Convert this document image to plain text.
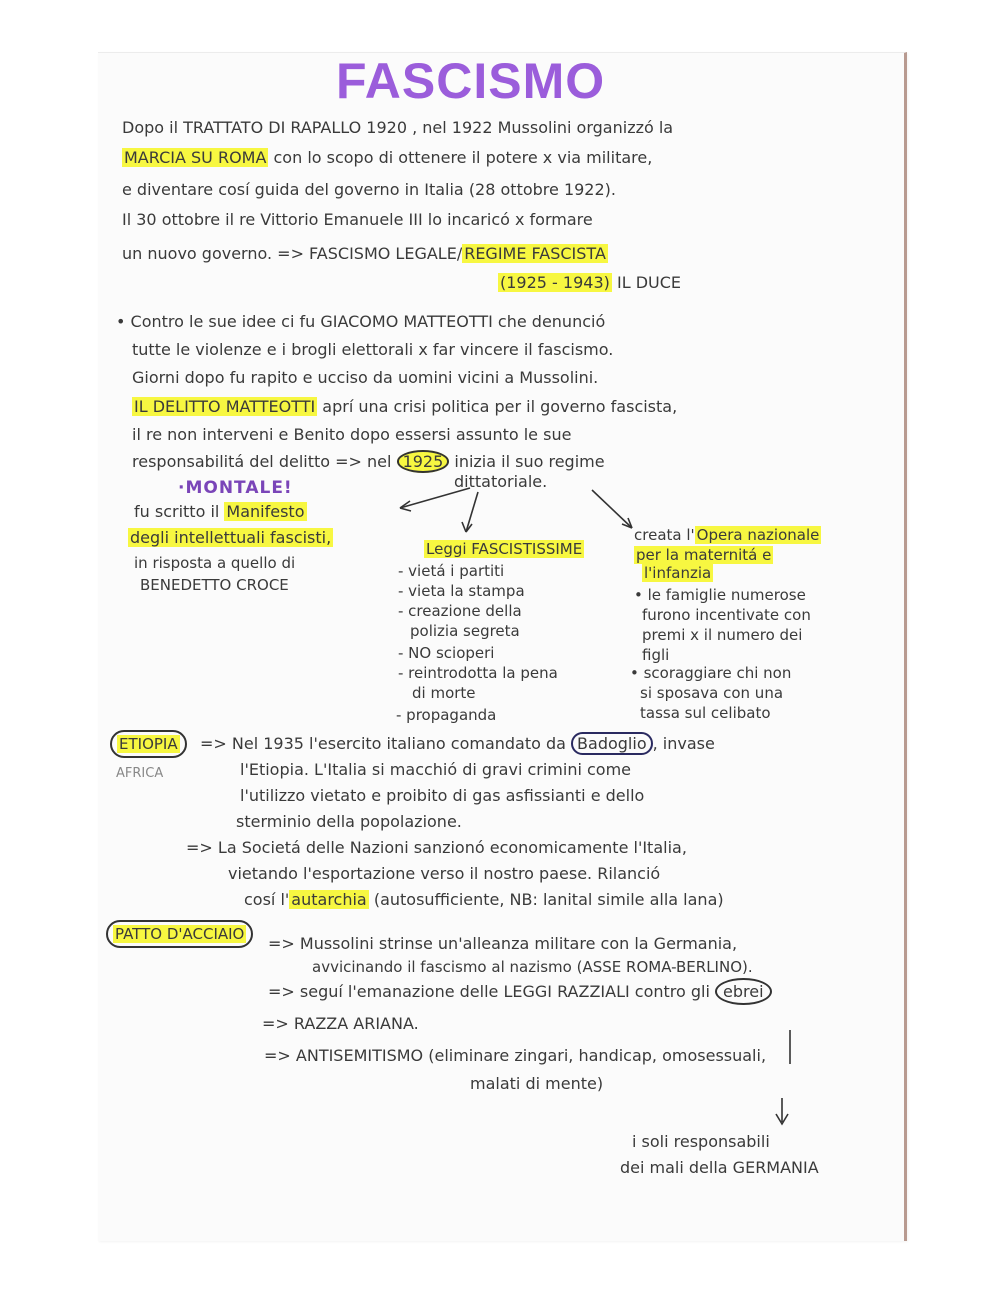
FASCISMO
Dopo il TRATTATO DI RAPALLO 1920 , nel 1922 Mussolini organizzó la
MARCIA SU ROMA con lo scopo di ottenere il potere x via militare,
e diventare cosí guida del governo in Italia (28 ottobre 1922).
Il 30 ottobre il re Vittorio Emanuele III lo incaricó x formare
un nuovo governo. => FASCISMO LEGALE/ REGIME FASCISTA
(1925 - 1943) IL DUCE
• Contro le sue idee ci fu GIACOMO MATTEOTTI che denunció
tutte le violenze e i brogli elettorali x far vincere il fascismo.
Giorni dopo fu rapito e ucciso da uomini vicini a Mussolini.
IL DELITTO MATTEOTTI aprí una crisi politica per il governo fascista,
il re non interveni e Benito dopo essersi assunto le sue
responsabilitá del delitto => nel 1925 inizia il suo regime
dittatoriale.
·MONTALE!
fu scritto il Manifesto
degli intellettuali fascisti,
in risposta a quello di
BENEDETTO CROCE
Leggi FASCISTISSIME
- vietá i partiti
- vieta la stampa
- creazione della
polizia segreta
- NO scioperi
- reintrodotta la pena
di morte
- propaganda
creata l' Opera nazionale
per la maternitá e
l'infanzia
• le famiglie numerose
furono incentivate con
premi x il numero dei
figli
• scoraggiare chi non
si sposava con una
tassa sul celibato
ETIOPIA
AFRICA
=> Nel 1935 l'esercito italiano comandato da Badoglio , invase
l'Etiopia. L'Italia si macchió di gravi crimini come
l'utilizzo vietato e proibito di gas asfissianti e dello
sterminio della popolazione.
=> La Societá delle Nazioni sanzionó economicamente l'Italia,
vietando l'esportazione verso il nostro paese. Rilanció
cosí l' autarchia (autosufficiente, NB: lanital simile alla lana)
PATTO D'ACCIAIO	=> Mussolini strinse un'alleanza militare con la Germania,
avvicinando il fascismo al nazismo (ASSE ROMA-BERLINO).
=> seguí l'emanazione delle LEGGI RAZZIALI contro gli ebrei
=> RAZZA ARIANA.
=> ANTISEMITISMO (eliminare zingari, handicap, omosessuali,
malati di mente)
i soli responsabili
dei mali della GERMANIA
